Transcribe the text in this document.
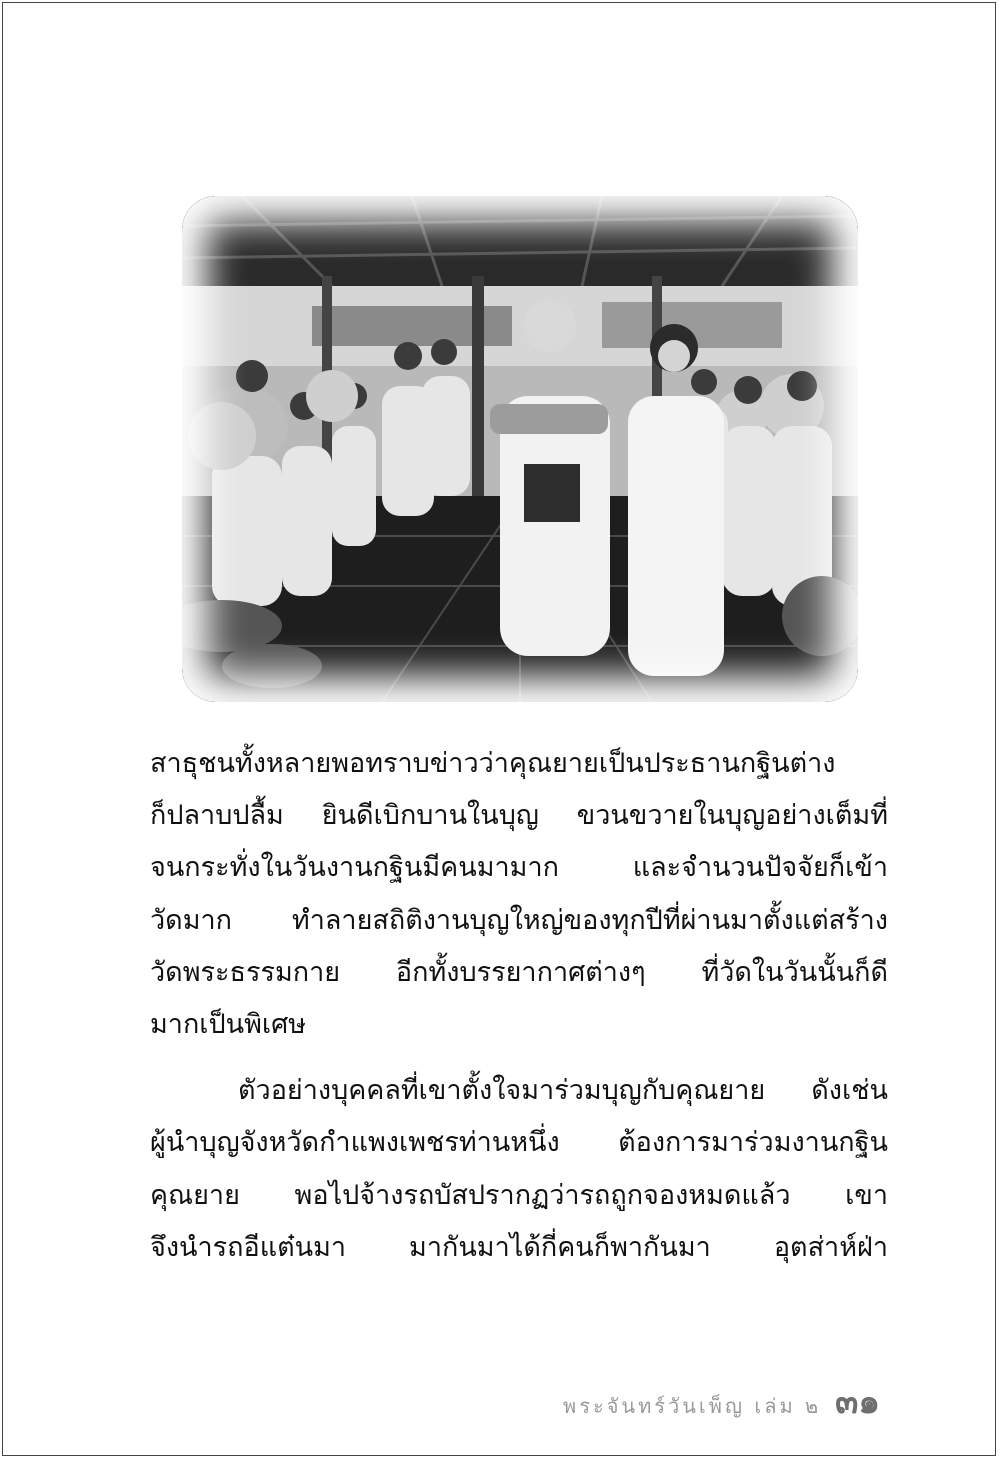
สาธุชนทั้งหลายพอทราบข่าวว่าคุณยายเป็นประธานกฐินต่าง
ก็ปลาบปลื้ม ยินดีเบิกบานในบุญ ขวนขวายในบุญอย่างเต็มที่
จนกระทั่งในวันงานกฐินมีคนมามาก และจำนวนปัจจัยก็เข้า
วัดมาก ทำลายสถิติงานบุญใหญ่ของทุกปีที่ผ่านมาตั้งแต่สร้าง
วัดพระธรรมกาย อีกทั้งบรรยากาศต่างๆ ที่วัดในวันนั้นก็ดี
มากเป็นพิเศษ
ตัวอย่างบุคคลที่เขาตั้งใจมาร่วมบุญกับคุณยาย ดังเช่น
ผู้นำบุญจังหวัดกำแพงเพชรท่านหนึ่ง ต้องการมาร่วมงานกฐิน
คุณยาย พอไปจ้างรถบัสปรากฏว่ารถถูกจองหมดแล้ว เขา
จึงนำรถอีแต๋นมา มากันมาได้กี่คนก็พากันมา อุตส่าห์ฝ่า
พระจันทร์วันเพ็ญ เล่ม ๒ ๓๑
